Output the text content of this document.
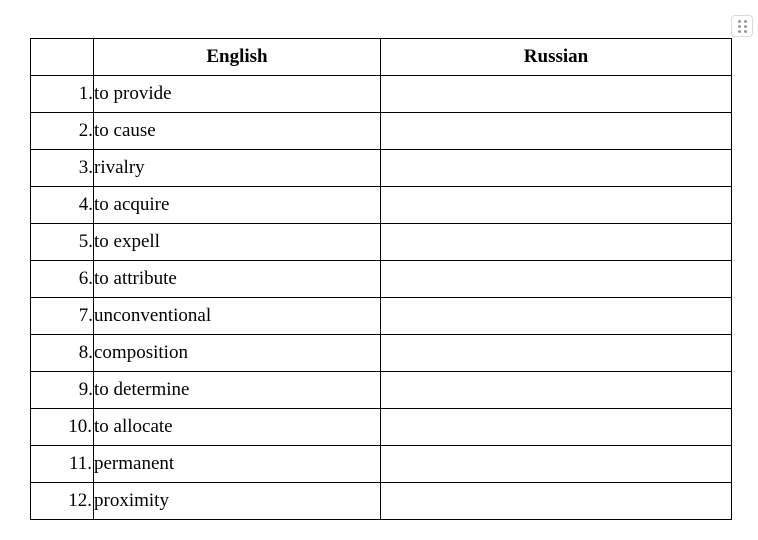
	English	Russian
1.	to provide	
2.	to cause	
3.	rivalry	
4.	to acquire	
5.	to expell	
6.	to attribute	
7.	unconventional	
8.	composition	
9.	to determine	
10.	to allocate	
11.	permanent	
12.	proximity	
